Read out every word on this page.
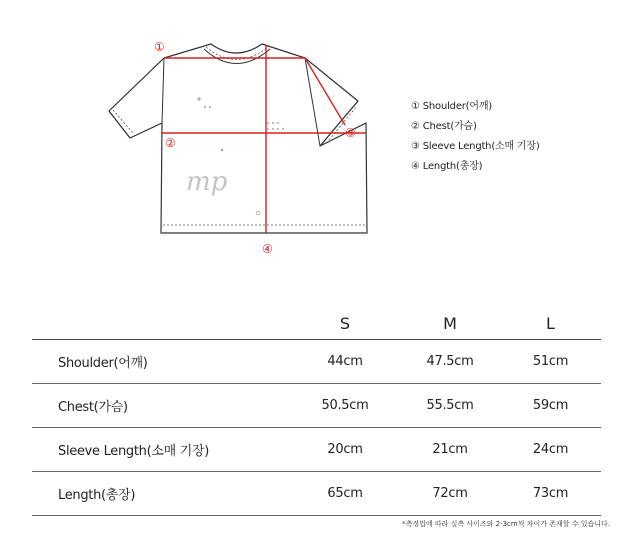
mp
①
②
③
④
① Shoulder(어깨)
② Chest(가슴)
③ Sleeve Length(소매 기장)
④ Length(총장)
	S	M	L
Shoulder(어깨)	44cm	47.5cm	51cm
Chest(가슴)	50.5cm	55.5cm	59cm
Sleeve Length(소매 기장)	20cm	21cm	24cm
Length(총장)	65cm	72cm	73cm
*측정법에 따라 실측 사이즈와 2-3cm씩 차이가 존재할 수 있습니다.
